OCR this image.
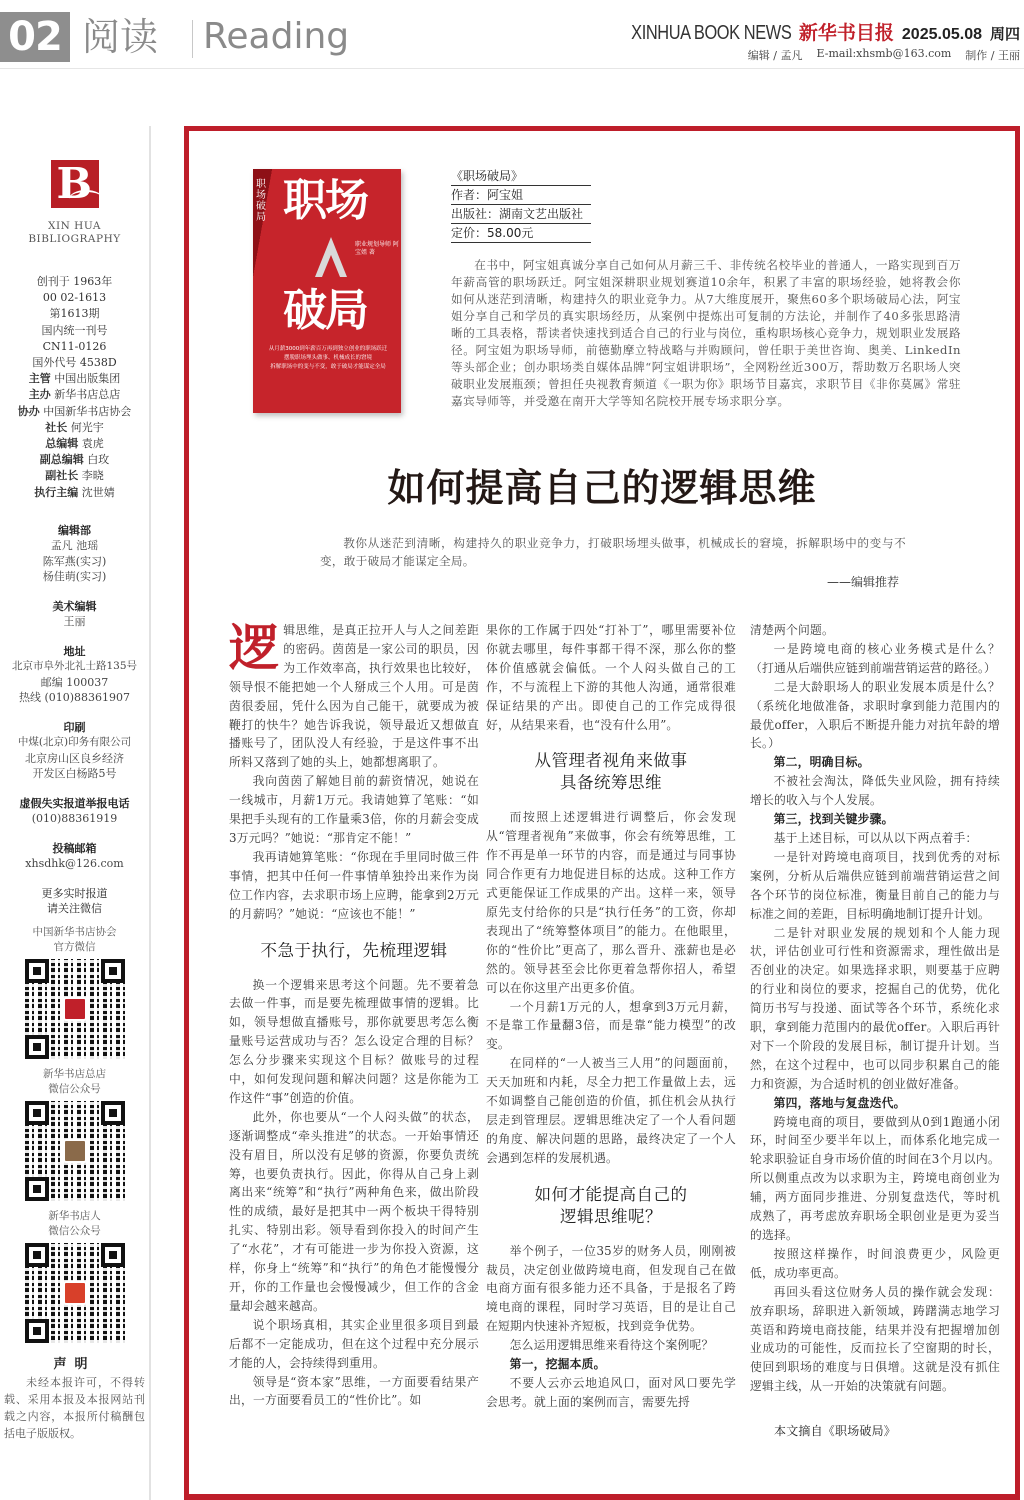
02 阅读 Reading	XINHUA BOOK NEWS 新华书目报 2025.05.08 周四
编辑 / 孟凡 E-mail:xhsmb@163.com 制作 / 王丽
B
XIN HUA
BIBLIOGRAPHY
创刊于 1963年
00 02-1613
第1613期
国内统一刊号
CN11-0126
国外代号 4538D
主管 中国出版集团
主办 新华书店总店
协办 中国新华书店协会
社长 何光宇
总编辑 袁虎
副总编辑 白玫
副社长 李晓
执行主编 沈世婧
编辑部
孟凡 池瑶
陈军燕(实习)
杨佳萌(实习)
美术编辑
王丽
地址
北京市阜外北礼士路135号
邮编 100037
热线 (010)88361907
印刷
中煤(北京)印务有限公司
北京房山区良乡经济
开发区白杨路5号
虚假失实报道举报电话
(010)88361919
投稿邮箱
xhsdhk@126.com
更多实时报道
请关注微信
中国新华书店协会
官方微信
新华书店总店
微信公众号
新华书店人
微信公众号
声明
未经本报许可，不得转载、采用本报及本报网站刊载之内容，本报所付稿酬包括电子版版权。
职场破局 职场
职业规划导师 阿宝姐 著
破局
从月薪3000到年薪百万再到独立创业的职场跃迁
摆脱职场埋头做事、机械成长的窘境
拆解职场中的变与不变，敢于破局才能谋定全局
《职场破局》
作者：阿宝姐
出版社：湖南文艺出版社
定价：58.00元
在书中，阿宝姐真诚分享自己如何从月薪三千、非传统名校毕业的普通人，一路实现到百万年薪高管的职场跃迁。阿宝姐深耕职业规划赛道10余年，积累了丰富的职场经验，她将教会你如何从迷茫到清晰，构建持久的职业竞争力。从7大维度展开，聚焦60多个职场破局心法，阿宝姐分享自己和学员的真实职场经历，从案例中提炼出可复制的方法论，并制作了40多张思路清晰的工具表格，帮读者快速找到适合自己的行业与岗位，重构职场核心竞争力，规划职业发展路径。阿宝姐为职场导师，前德勤摩立特战略与并购顾问，曾任职于美世咨询、奥美、LinkedIn等头部企业；创办职场类自媒体品牌“阿宝姐讲职场”，全网粉丝近300万，帮助数万名职场人突破职业发展瓶颈；曾担任央视教育频道《一职为你》职场节目嘉宾，求职节目《非你莫属》常驻嘉宾导师等，并受邀在南开大学等知名院校开展专场求职分享。
如何提高自己的逻辑思维
教你从迷茫到清晰，构建持久的职业竞争力，打破职场埋头做事，机械成长的窘境，拆解职场中的变与不变，敢于破局才能谋定全局。
——编辑推荐

逻辑思维，是真正拉开人与人之间差距的密码。茵茵是一家公司的职员，因为工作效率高，执行效果也比较好，领导恨不能把她一个人掰成三个人用。可是茵茵很委屈，凭什么因为自己能干，就要成为被鞭打的快牛？她告诉我说，领导最近又想做直播账号了，团队没人有经验，于是这件事不出所料又落到了她的头上，她都想离职了。

我向茵茵了解她目前的薪资情况，她说在一线城市，月薪1万元。我请她算了笔账：“如果把手头现有的工作量乘3倍，你的月薪会变成3万元吗？”她说：“那肯定不能！”

我再请她算笔账：“你现在手里同时做三件事情，把其中任何一件事情单独拎出来作为岗位工作内容，去求职市场上应聘，能拿到2万元的月薪吗？”她说：“应该也不能！”

不急于执行，先梳理逻辑

换一个逻辑来思考这个问题。先不要着急去做一件事，而是要先梳理做事情的逻辑。比如，领导想做直播账号，那你就要思考怎么衡量账号运营成功与否？怎么设定合理的目标？怎么分步骤来实现这个目标？做账号的过程中，如何发现问题和解决问题？这是你能为工作这件“事”创造的价值。

此外，你也要从“一个人闷头做”的状态，逐渐调整成“牵头推进”的状态。一开始事情还没有眉目，所以没有足够的资源，你要负责统筹，也要负责执行。因此，你得从自己身上剥离出来“统筹”和“执行”两种角色来，做出阶段性的成绩，最好是把其中一两个板块干得特别扎实、特别出彩。领导看到你投入的时间产生了“水花”，才有可能进一步为你投入资源，这样，你身上“统筹”和“执行”的角色才能慢慢分开，你的工作量也会慢慢减少，但工作的含金量却会越来越高。

说个职场真相，其实企业里很多项目到最后都不一定能成功，但在这个过程中充分展示才能的人，会持续得到重用。

领导是“资本家”思维，一方面要看结果产出，一方面要看员工的“性价比”。如

果你的工作属于四处“打补丁”，哪里需要补位你就去哪里，每件事都干得不深，那么你的整体价值感就会偏低。一个人闷头做自己的工作，不与流程上下游的其他人沟通，通常很难保证结果的产出。即使自己的工作完成得很好，从结果来看，也“没有什么用”。

从管理者视角来做事
具备统筹思维

而按照上述逻辑进行调整后，你会发现从“管理者视角”来做事，你会有统筹思维，工作不再是单一环节的内容，而是通过与同事协同合作更有力地促进目标的达成。这种工作方式更能保证工作成果的产出。这样一来，领导原先支付给你的只是“执行任务”的工资，你却表现出了“统筹整体项目”的能力。在他眼里，你的“性价比”更高了，那么晋升、涨薪也是必然的。领导甚至会比你更着急帮你招人，希望可以在你这里产出更多价值。

一个月薪1万元的人，想拿到3万元月薪，不是靠工作量翻3倍，而是靠“能力模型”的改变。

在同样的“一人被当三人用”的问题面前，天天加班和内耗，尽全力把工作量做上去，远不如调整自己能创造的价值，抓住机会从执行层走到管理层。逻辑思维决定了一个人看问题的角度、解决问题的思路，最终决定了一个人会遇到怎样的发展机遇。

如何才能提高自己的
逻辑思维呢？

举个例子，一位35岁的财务人员，刚刚被裁员，决定创业做跨境电商，但发现自己在做电商方面有很多能力还不具备，于是报名了跨境电商的课程，同时学习英语，目的是让自己在短期内快速补齐短板，找到竞争优势。

怎么运用逻辑思维来看待这个案例呢？

第一，挖掘本质。

不要人云亦云地追风口，面对风口要先学会思考。就上面的案例而言，需要先捋

清楚两个问题。

一是跨境电商的核心业务模式是什么？（打通从后端供应链到前端营销运营的路径。）

二是大龄职场人的职业发展本质是什么？（系统化地做准备，求职时拿到能力范围内的最优offer，入职后不断提升能力对抗年龄的增长。）

第二，明确目标。

不被社会淘汰，降低失业风险，拥有持续增长的收入与个人发展。

第三，找到关键步骤。

基于上述目标，可以从以下两点着手：

一是针对跨境电商项目，找到优秀的对标案例，分析从后端供应链到前端营销运营之间各个环节的岗位标准，衡量目前自己的能力与标准之间的差距，目标明确地制订提升计划。

二是针对职业发展的规划和个人能力现状，评估创业可行性和资源需求，理性做出是否创业的决定。如果选择求职，则要基于应聘的行业和岗位的要求，挖掘自己的优势，优化简历书写与投递、面试等各个环节，系统化求职，拿到能力范围内的最优offer。入职后再针对下一个阶段的发展目标，制订提升计划。当然，在这个过程中，也可以同步积累自己的能力和资源，为合适时机的创业做好准备。

第四，落地与复盘迭代。

跨境电商的项目，要做到从0到1跑通小闭环，时间至少要半年以上，而体系化地完成一轮求职验证自身市场价值的时间在3个月以内。所以侧重点改为以求职为主，跨境电商创业为辅，两方面同步推进、分别复盘迭代，等时机成熟了，再考虑放弃职场全职创业是更为妥当的选择。

按照这样操作，时间浪费更少，风险更低，成功率更高。

再回头看这位财务人员的操作就会发现：放弃职场，辞职进入新领域，踌躇满志地学习英语和跨境电商技能，结果并没有把握增加创业成功的可能性，反而拉长了空窗期的时长，使回到职场的难度与日俱增。这就是没有抓住逻辑主线，从一开始的决策就有问题。

本文摘自《职场破局》
